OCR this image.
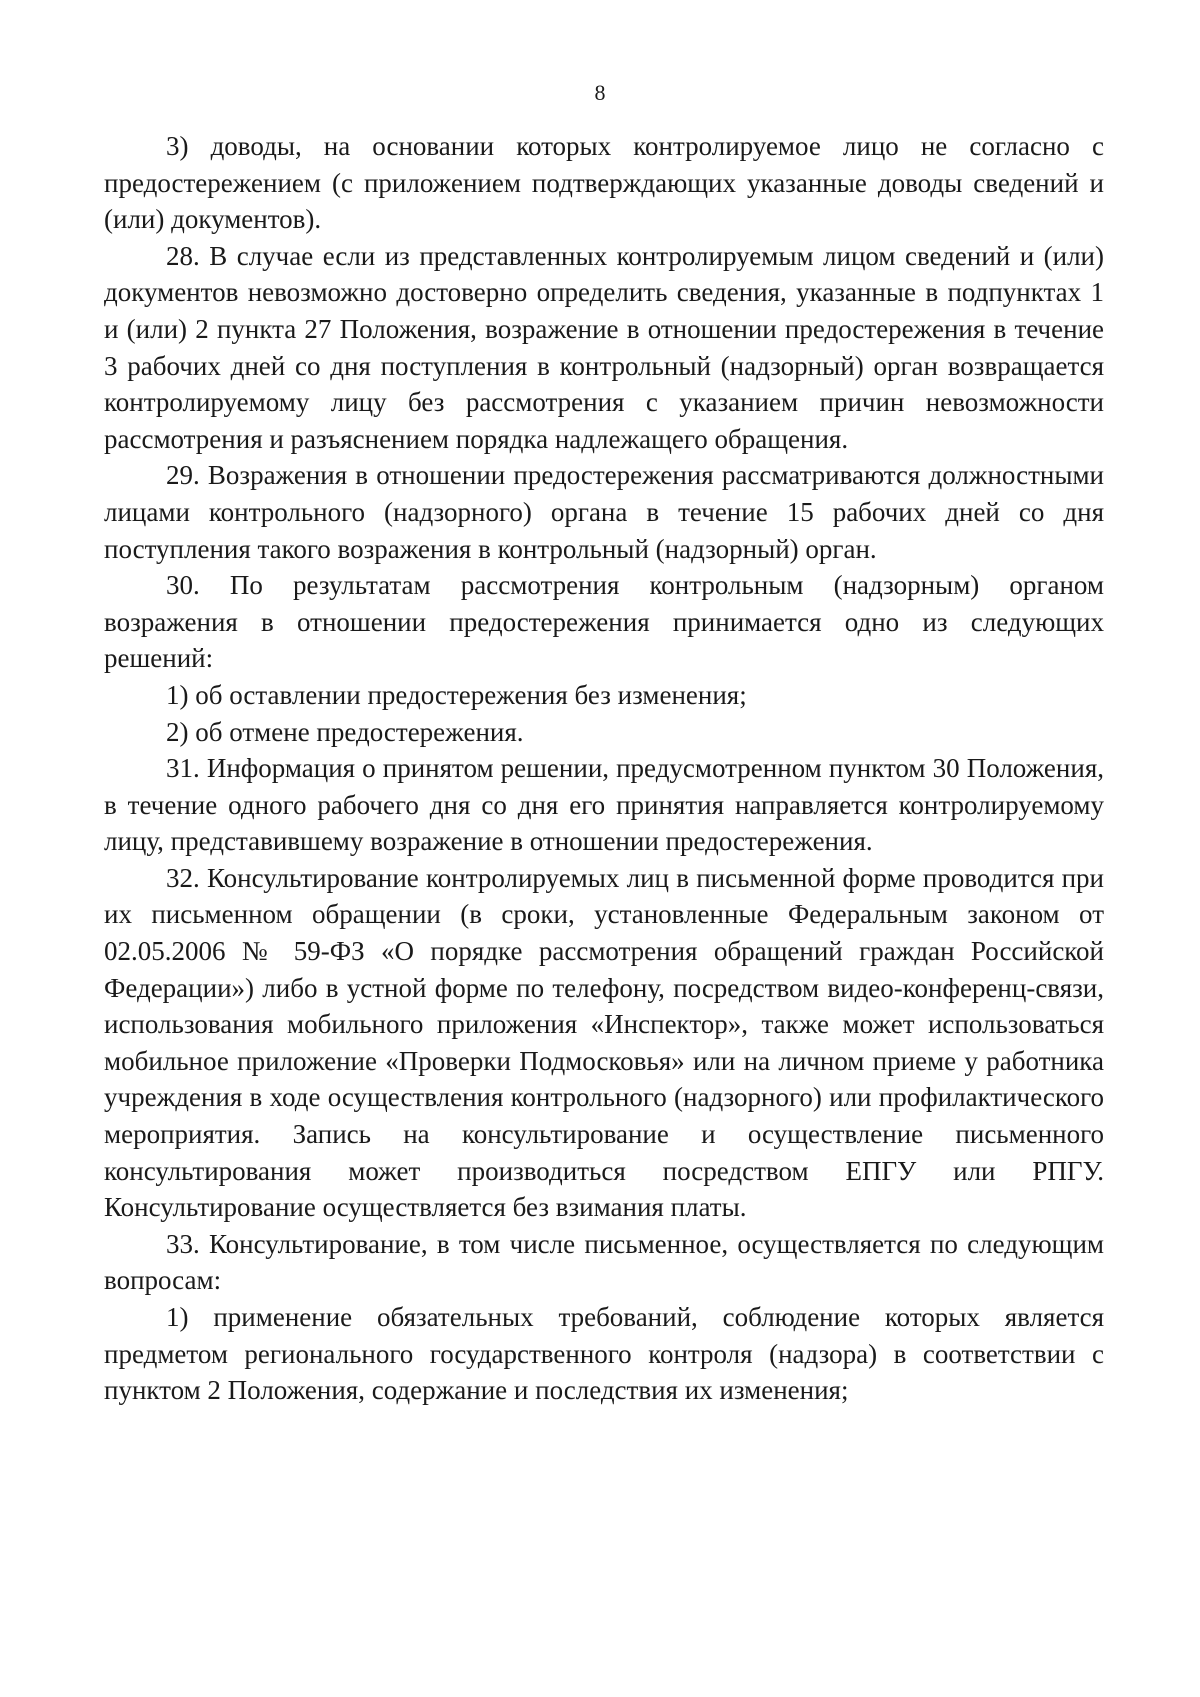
8

3) доводы, на основании которых контролируемое лицо не согласно с предостережением (с приложением подтверждающих указанные доводы сведений и (или) документов).

28. В случае если из представленных контролируемым лицом сведений и (или) документов невозможно достоверно определить сведения, указанные в подпунктах 1 и (или) 2 пункта 27 Положения, возражение в отношении предостережения в течение 3 рабочих дней со дня поступления в контрольный (надзорный) орган возвращается контролируемому лицу без рассмотрения с указанием причин невозможности рассмотрения и разъяснением порядка надлежащего обращения.

29. Возражения в отношении предостережения рассматриваются должностными лицами контрольного (надзорного) органа в течение 15 рабочих дней со дня поступления такого возражения в контрольный (надзорный) орган.

30. По результатам рассмотрения контрольным (надзорным) органом возражения в отношении предостережения принимается одно из следующих решений:

1) об оставлении предостережения без изменения;

2) об отмене предостережения.

31. Информация о принятом решении, предусмотренном пунктом 30 Положения, в течение одного рабочего дня со дня его принятия направляется контролируемому лицу, представившему возражение в отношении предостережения.

32. Консультирование контролируемых лиц в письменной форме проводится при их письменном обращении (в сроки, установленные Федеральным законом от 02.05.2006 № 59-ФЗ «О порядке рассмотрения обращений граждан Российской Федерации») либо в устной форме по телефону, посредством видео-конференц-связи, использования мобильного приложения «Инспектор», также может использоваться мобильное приложение «Проверки Подмосковья» или на личном приеме у работника учреждения в ходе осуществления контрольного (надзорного) или профилактического мероприятия. Запись на консультирование и осуществление письменного консультирования может производиться посредством ЕПГУ или РПГУ. Консультирование осуществляется без взимания платы.

33. Консультирование, в том числе письменное, осуществляется по следующим вопросам:

1) применение обязательных требований, соблюдение которых является предметом регионального государственного контроля (надзора) в соответствии с пунктом 2 Положения, содержание и последствия их изменения;
